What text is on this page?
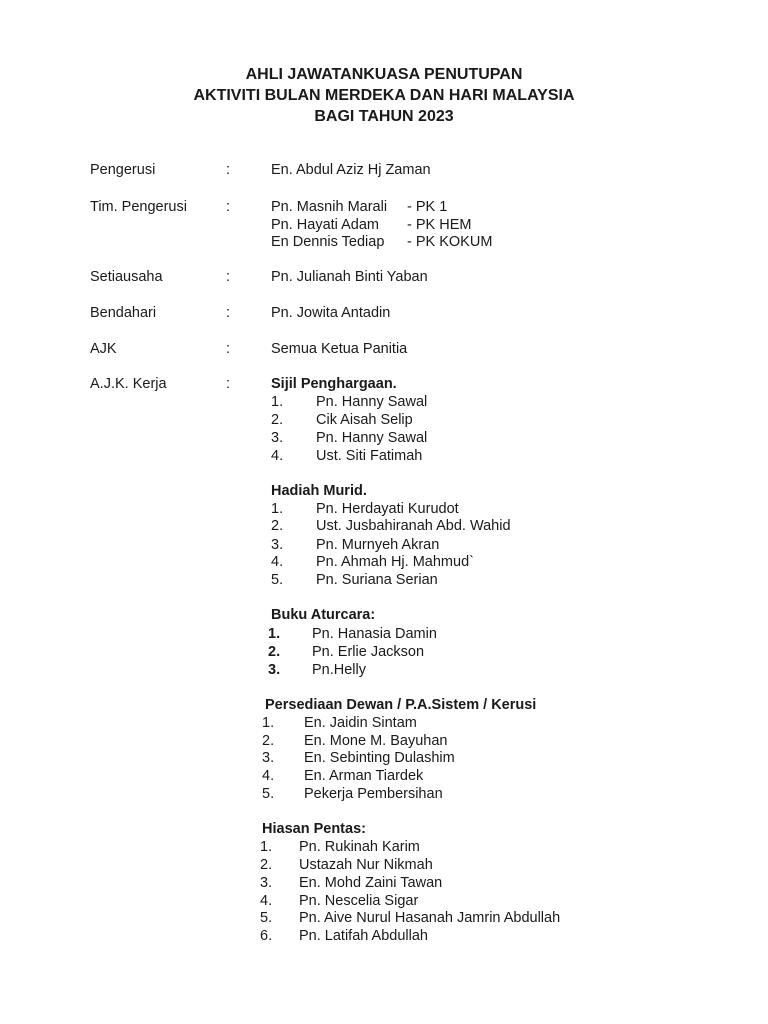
AHLI JAWATANKUASA PENUTUPAN
AKTIVITI BULAN MERDEKA DAN HARI MALAYSIA
BAGI TAHUN 2023
Pengerusi	:	En. Abdul Aziz Hj Zaman
Tim. Pengerusi	:	Pn. Masnih Marali - PK 1
Pn. Hayati Adam - PK HEM
En Dennis Tediap - PK KOKUM
Setiausaha	:	Pn. Julianah Binti Yaban
Bendahari	:	Pn. Jowita Antadin
AJK	:	Semua Ketua Panitia
A.J.K. Kerja	:	Sijil Penghargaan.
1. Pn. Hanny Sawal
2. Cik Aisah Selip
3. Pn. Hanny Sawal
4. Ust. Siti Fatimah
Hadiah Murid.
1. Pn. Herdayati Kurudot
2. Ust. Jusbahiranah Abd. Wahid
3. Pn. Murnyeh Akran
4. Pn. Ahmah Hj. Mahmud`
5. Pn. Suriana Serian
Buku Aturcara:
1. Pn. Hanasia Damin
2. Pn. Erlie Jackson
3. Pn.Helly
Persediaan Dewan / P.A.Sistem / Kerusi
1. En. Jaidin Sintam
2. En. Mone M. Bayuhan
3. En. Sebinting Dulashim
4. En. Arman Tiardek
5. Pekerja Pembersihan
Hiasan Pentas:
1. Pn. Rukinah Karim
2. Ustazah Nur Nikmah
3. En. Mohd Zaini Tawan
4. Pn. Nescelia Sigar
5. Pn. Aive Nurul Hasanah Jamrin Abdullah
6. Pn. Latifah Abdullah
